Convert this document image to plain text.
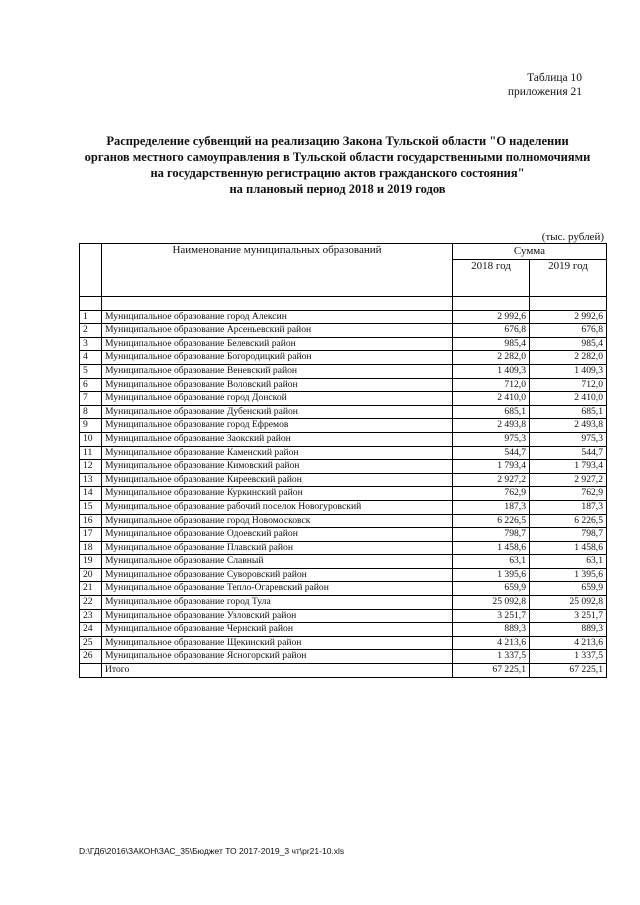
Таблица 10
приложения 21
Распределение субвенций на реализацию Закона Тульской области "О наделении
органов местного самоуправления в Тульской области государственными полномочиями
на государственную регистрацию актов гражданского состояния"
на плановый период 2018 и 2019 годов
(тыс. рублей)
	Наименование муниципальных образований	Сумма	
		2018 год	2019 год

1	Муниципальное образование город Алексин	2 992,6	2 992,6
2	Муниципальное образование Арсеньевский район	676,8	676,8
3	Муниципальное образование Белевский район	985,4	985,4
4	Муниципальное образование Богородицкий район	2 282,0	2 282,0
5	Муниципальное образование Веневский район	1 409,3	1 409,3
6	Муниципальное образование Воловский район	712,0	712,0
7	Муниципальное образование город Донской	2 410,0	2 410,0
8	Муниципальное образование Дубенский район	685,1	685,1
9	Муниципальное образование город Ефремов	2 493,8	2 493,8
10	Муниципальное образование Заокский район	975,3	975,3
11	Муниципальное образование Каменский район	544,7	544,7
12	Муниципальное образование Кимовский район	1 793,4	1 793,4
13	Муниципальное образование Киреевский район	2 927,2	2 927,2
14	Муниципальное образование Куркинский район	762,9	762,9
15	Муниципальное образование рабочий поселок Новогуровский	187,3	187,3
16	Муниципальное образование город Новомосковск	6 226,5	6 226,5
17	Муниципальное образование Одоевский район	798,7	798,7
18	Муниципальное образование Плавский район	1 458,6	1 458,6
19	Муниципальное образование Славный	63,1	63,1
20	Муниципальное образование Суворовский район	1 395,6	1 395,6
21	Муниципальное образование Тепло-Огаревский район	659,9	659,9
22	Муниципальное образование город Тула	25 092,8	25 092,8
23	Муниципальное образование Узловский район	3 251,7	3 251,7
24	Муниципальное образование Чернский район	889,3	889,3
25	Муниципальное образование Щекинский район	4 213,6	4 213,6
26	Муниципальное образование Ясногорский район	1 337,5	1 337,5
	Итого	67 225,1	67 225,1
D:\ГД6\2016\ЗАКОН\ЗАС_35\Бюджет ТО 2017-2019_3 чт\pr21-10.xls
